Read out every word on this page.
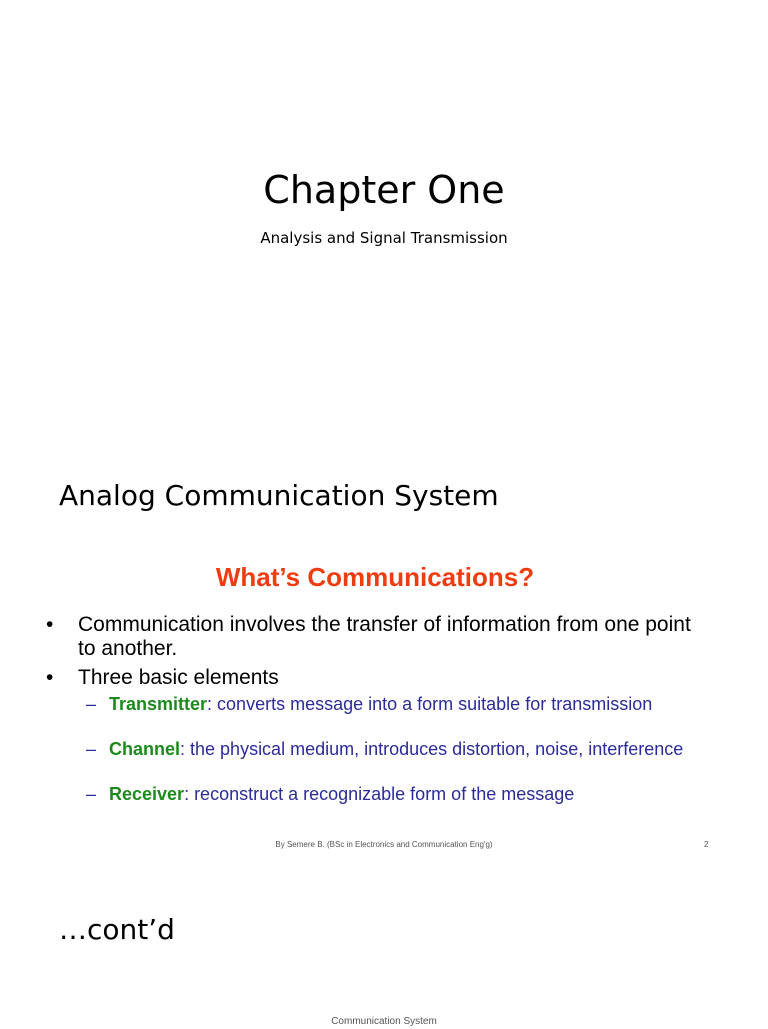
Chapter One
Analysis and Signal Transmission
Analog Communication System
What’s Communications?
• Communication involves the transfer of information from one point to another.
• Three basic elements
– Transmitter: converts message into a form suitable for transmission
– Channel: the physical medium, introduces distortion, noise, interference
– Receiver: reconstruct a recognizable form of the message
By Semere B. (BSc in Electronics and Communication Eng'g)	2
…cont’d
Communication System
